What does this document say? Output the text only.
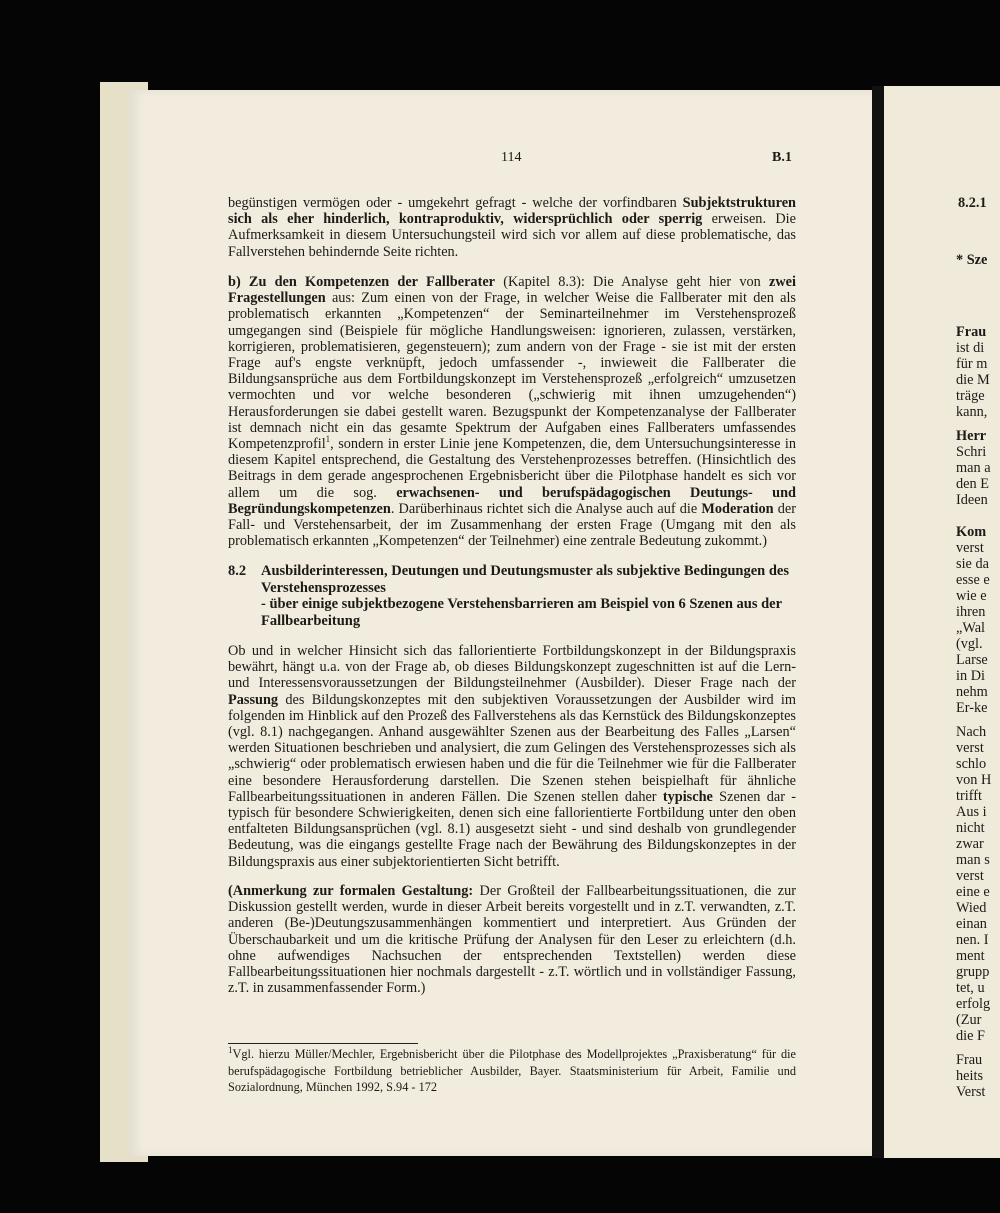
114	B.1

begünstigen vermögen oder - umgekehrt gefragt - welche der vorfindbaren Subjektstrukturen sich als eher hinderlich, kontraproduktiv, widersprüchlich oder sperrig erweisen. Die Aufmerksamkeit in diesem Untersuchungsteil wird sich vor allem auf diese problematische, das Fallverstehen behindernde Seite richten.

b) Zu den Kompetenzen der Fallberater (Kapitel 8.3): Die Analyse geht hier von zwei Fragestellungen aus: Zum einen von der Frage, in welcher Weise die Fallberater mit den als problematisch erkannten „Kompetenzen“ der Seminarteilnehmer im Verstehensprozeß umgegangen sind (Beispiele für mögliche Handlungsweisen: ignorieren, zulassen, verstärken, korrigieren, problematisieren, gegensteuern); zum andern von der Frage - sie ist mit der ersten Frage auf's engste verknüpft, jedoch umfassender -, inwieweit die Fallberater die Bildungsansprüche aus dem Fortbildungskonzept im Verstehensprozeß „erfolgreich“ umzusetzen vermochten und vor welche besonderen („schwierig mit ihnen umzugehenden“) Herausforderungen sie dabei gestellt waren. Bezugspunkt der Kompetenzanalyse der Fallberater ist demnach nicht ein das gesamte Spektrum der Aufgaben eines Fallberaters umfassendes Kompetenzprofil$^1$, sondern in erster Linie jene Kompetenzen, die, dem Untersuchungsinteresse in diesem Kapitel entsprechend, die Gestaltung des Verstehenprozesses betreffen. (Hinsichtlich des Beitrags in dem gerade angesprochenen Ergebnisbericht über die Pilotphase handelt es sich vor allem um die sog. erwachsenen- und berufspädagogischen Deutungs- und Begründungskompetenzen. Darüberhinaus richtet sich die Analyse auch auf die Moderation der Fall- und Verstehensarbeit, der im Zusammenhang der ersten Frage (Umgang mit den als problematisch erkannten „Kompetenzen“ der Teilnehmer) eine zentrale Bedeutung zukommt.)

8.2 Ausbilderinteressen, Deutungen und Deutungsmuster als subjektive Bedingungen des Verstehensprozesses
- über einige subjektbezogene Verstehensbarrieren am Beispiel von 6 Szenen aus der Fallbearbeitung

Ob und in welcher Hinsicht sich das fallorientierte Fortbildungskonzept in der Bildungspraxis bewährt, hängt u.a. von der Frage ab, ob dieses Bildungskonzept zugeschnitten ist auf die Lern- und Interessensvoraussetzungen der Bildungsteilnehmer (Ausbilder). Dieser Frage nach der Passung des Bildungskonzeptes mit den subjektiven Voraussetzungen der Ausbilder wird im folgenden im Hinblick auf den Prozeß des Fallverstehens als das Kernstück des Bildungskonzeptes (vgl. 8.1) nachgegangen. Anhand ausgewählter Szenen aus der Bearbeitung des Falles „Larsen“ werden Situationen beschrieben und analysiert, die zum Gelingen des Verstehensprozesses sich als „schwierig“ oder problematisch erwiesen haben und die für die Teilnehmer wie für die Fallberater eine besondere Herausforderung darstellen. Die Szenen stehen beispielhaft für ähnliche Fallbearbeitungssituationen in anderen Fällen. Die Szenen stellen daher typische Szenen dar - typisch für besondere Schwierigkeiten, denen sich eine fallorientierte Fortbildung unter den oben entfalteten Bildungsansprüchen (vgl. 8.1) ausgesetzt sieht - und sind deshalb von grundlegender Bedeutung, was die eingangs gestellte Frage nach der Bewährung des Bildungskonzeptes in der Bildungspraxis aus einer subjektorientierten Sicht betrifft.

(Anmerkung zur formalen Gestaltung: Der Großteil der Fallbearbeitungssituationen, die zur Diskussion gestellt werden, wurde in dieser Arbeit bereits vorgestellt und in z.T. verwandten, z.T. anderen (Be-)Deutungszusammenhängen kommentiert und interpretiert. Aus Gründen der Überschaubarkeit und um die kritische Prüfung der Analysen für den Leser zu erleichtern (d.h. ohne aufwendiges Nachsuchen der entsprechenden Textstellen) werden diese Fallbearbeitungssituationen hier nochmals dargestellt - z.T. wörtlich und in vollständiger Fassung, z.T. in zusammenfassender Form.)

$^1$Vgl. hierzu Müller/Mechler, Ergebnisbericht über die Pilotphase des Modellprojektes „Praxisberatung“ für die berufspädagogische Fortbildung betrieblicher Ausbilder, Bayer. Staatsministerium für Arbeit, Familie und Sozialordnung, München 1992, S.94 - 172
8.2.1
* Sze
Frau
ist di
für m
die M
träge
kann,
Herr
Schri
man a
den E
Ideen
Kom
verst
sie da
esse e
wie e
ihren
„Wal
(vgl.
Larse
in Di
nehm
Er-ke
Nach
verst
schlo
von H
trifft
Aus i
nicht
zwar
man s
verst
eine e
Wied
einan
nen. I
ment
grupp
tet, u
erfolg
(Zur
die F
Frau
heits
Verst
